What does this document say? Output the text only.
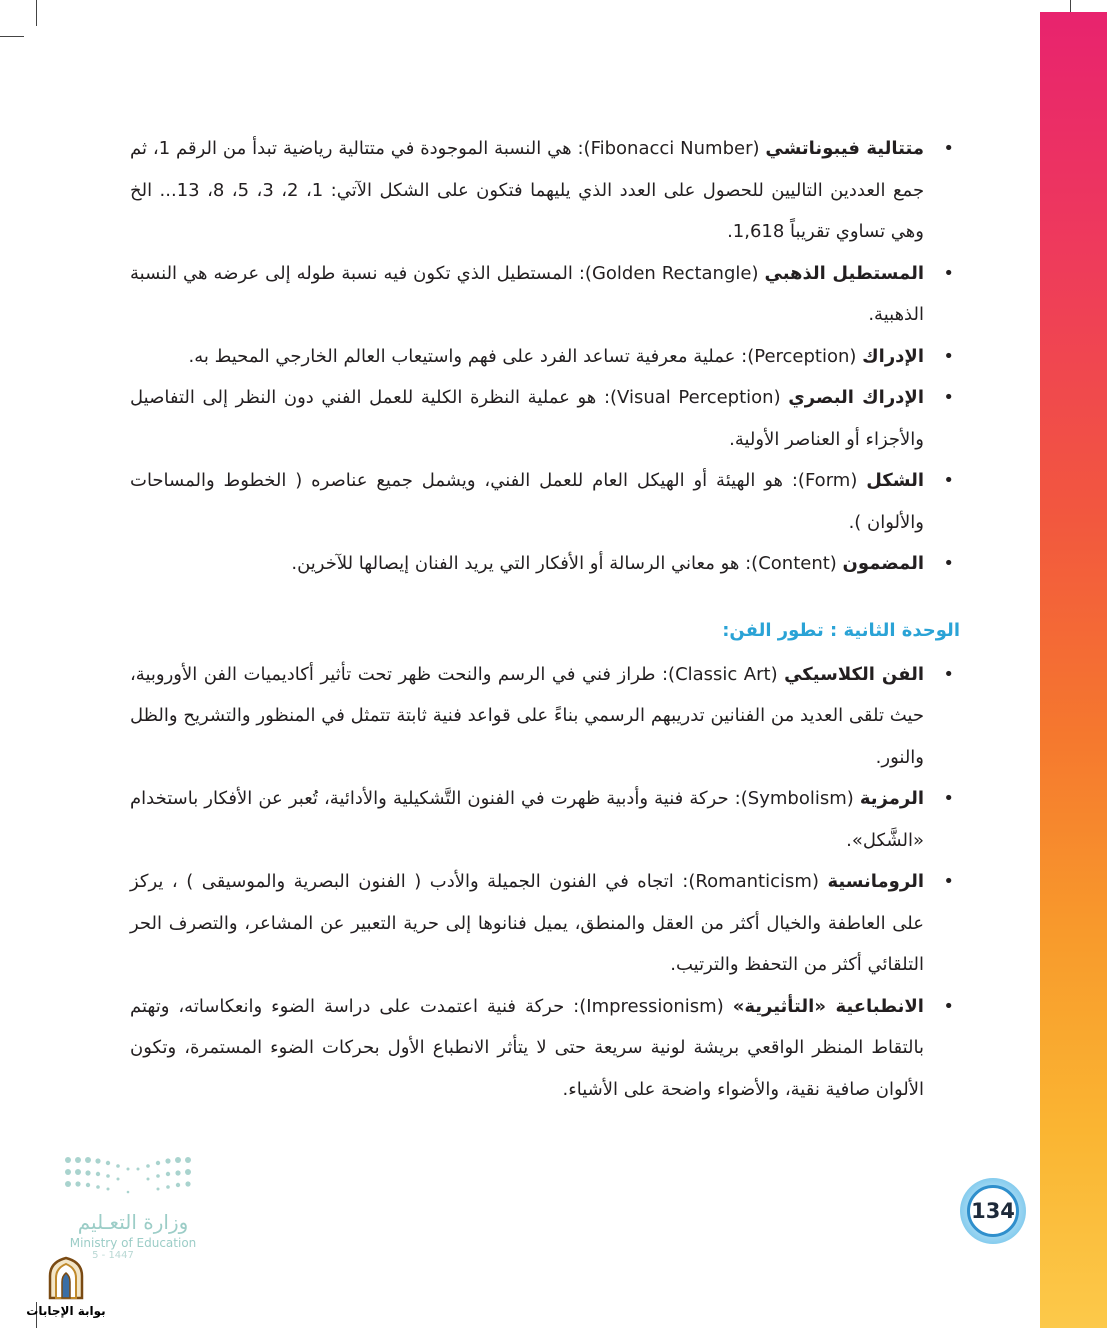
• متتالية فيبوناتشي (Fibonacci Number): هي النسبة الموجودة في متتالية رياضية تبدأ من الرقم 1، ثم جمع العددين التاليين للحصول على العدد الذي يليهما فتكون على الشكل الآتي: 1، 2، 3، 5، 8، 13... الخ وهي تساوي تقريباً 1,618.
• المستطيل الذهبي (Golden Rectangle): المستطيل الذي تكون فيه نسبة طوله إلى عرضه هي النسبة الذهبية.
• الإدراك (Perception): عملية معرفية تساعد الفرد على فهم واستيعاب العالم الخارجي المحيط به.
• الإدراك البصري (Visual Perception): هو عملية النظرة الكلية للعمل الفني دون النظر إلى التفاصيل والأجزاء أو العناصر الأولية.
• الشكل (Form): هو الهيئة أو الهيكل العام للعمل الفني، ويشمل جميع عناصره ( الخطوط والمساحات والألوان ).
• المضمون (Content): هو معاني الرسالة أو الأفكار التي يريد الفنان إيصالها للآخرين.
الوحدة الثانية : تطور الفن:
• الفن الكلاسيكي (Classic Art): طراز فني في الرسم والنحت ظهر تحت تأثير أكاديميات الفن الأوروبية، حيث تلقى العديد من الفنانين تدريبهم الرسمي بناءً على قواعد فنية ثابتة تتمثل في المنظور والتشريح والظل والنور.
• الرمزية (Symbolism): حركة فنية وأدبية ظهرت في الفنون التَّشكيلية والأدائية، تُعبر عن الأفكار باستخدام «الشَّكل».
• الرومانسية (Romanticism): اتجاه في الفنون الجميلة والأدب ( الفنون البصرية والموسيقى ) ، يركز على العاطفة والخيال أكثر من العقل والمنطق، يميل فنانوها إلى حرية التعبير عن المشاعر، والتصرف الحر التلقائي أكثر من التحفظ والترتيب.
• الانطباعية «التأثيرية» (Impressionism): حركة فنية اعتمدت على دراسة الضوء وانعكاساته، وتهتم بالتقاط المنظر الواقعي بريشة لونية سريعة حتى لا يتأثر الانطباع الأول بحركات الضوء المستمرة، وتكون الألوان صافية نقية، والأضواء واضحة على الأشياء.
وزارة التعـليم
Ministry of Education
5 - 1447
بوابة الإجابات
134
